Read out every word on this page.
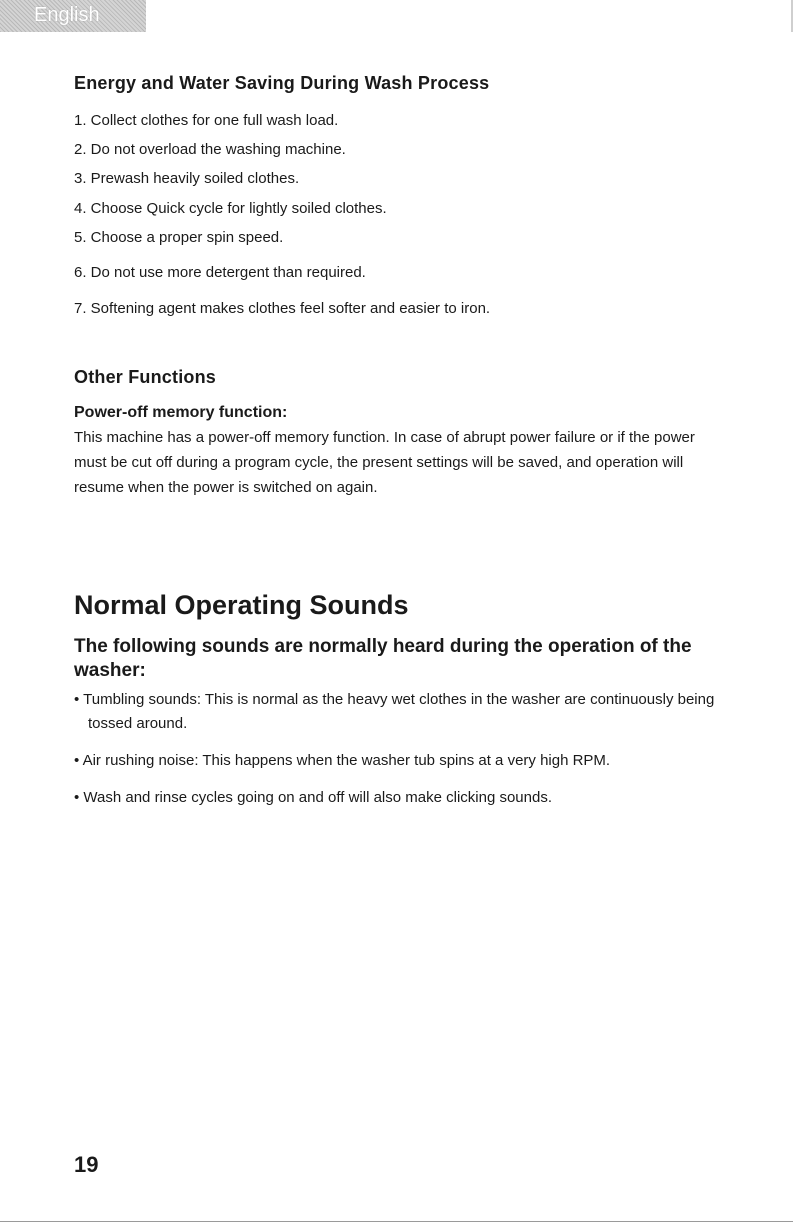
English
Energy and Water Saving During Wash Process
1. Collect clothes for one full wash load.
2. Do not overload the washing machine.
3. Prewash heavily soiled clothes.
4. Choose Quick cycle for lightly soiled clothes.
5. Choose a proper spin speed.
6. Do not use more detergent than required.
7. Softening agent makes clothes feel softer and easier to iron.
Other Functions
Power-off memory function:
This machine has a power-off memory function. In case of abrupt power failure or if the power must be cut off during a program cycle, the present settings will be saved, and operation will resume when the power is switched on again.
Normal Operating Sounds
The following sounds are normally heard during the operation of the washer:
• Tumbling sounds: This is normal as the heavy wet clothes in the washer are continuously being tossed around.
• Air rushing noise: This happens when the washer tub spins at a very high RPM.
• Wash and rinse cycles going on and off will also make clicking sounds.
19
